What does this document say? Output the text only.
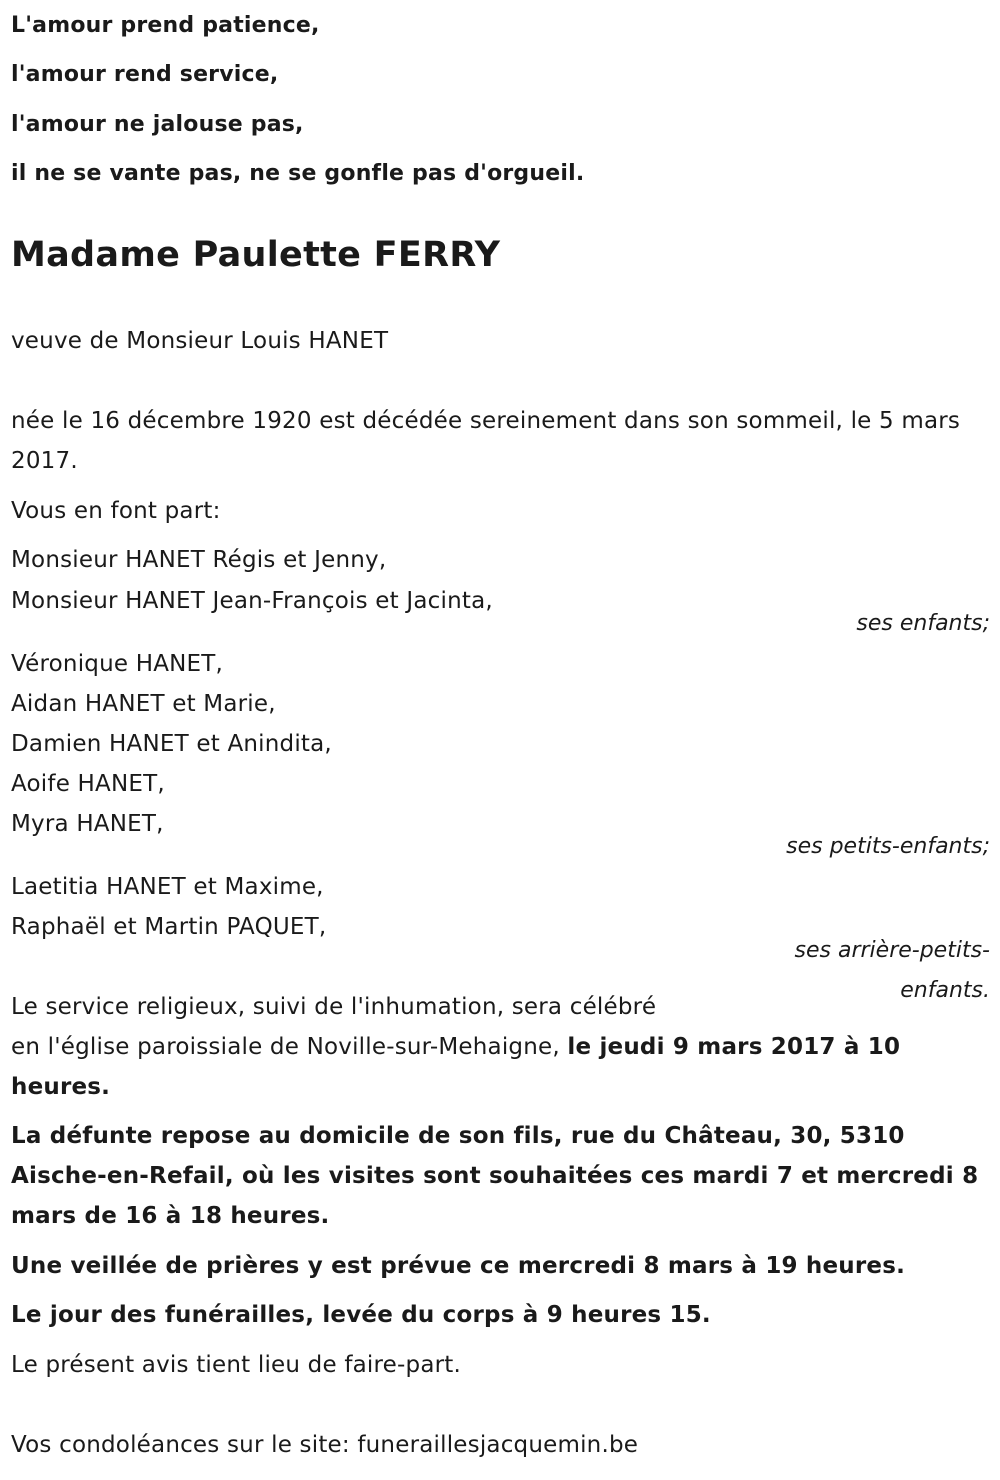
L'amour prend patience,
l'amour rend service,
l'amour ne jalouse pas,
il ne se vante pas, ne se gonfle pas d'orgueil.
Madame Paulette FERRY
veuve de Monsieur Louis HANET
née le 16 décembre 1920 est décédée sereinement dans son sommeil, le 5 mars 2017.
Vous en font part:
Monsieur HANET Régis et Jenny,
Monsieur HANET Jean-François et Jacinta,
ses enfants;
Véronique HANET,
Aidan HANET et Marie,
Damien HANET et Anindita,
Aoife HANET,
Myra HANET,
ses petits-enfants;
Laetitia HANET et Maxime,
Raphaël et Martin PAQUET,
ses arrière-petits-enfants.
Le service religieux, suivi de l'inhumation, sera célébré
en l'église paroissiale de Noville-sur-Mehaigne, le jeudi 9 mars 2017 à 10 heures.
La défunte repose au domicile de son fils, rue du Château, 30, 5310 Aische-en-Refail, où les visites sont souhaitées ces mardi 7 et mercredi 8 mars de 16 à 18 heures.
Une veillée de prières y est prévue ce mercredi 8 mars à 19 heures.
Le jour des funérailles, levée du corps à 9 heures 15.
Le présent avis tient lieu de faire-part.
Vos condoléances sur le site: funeraillesjacquemin.be
